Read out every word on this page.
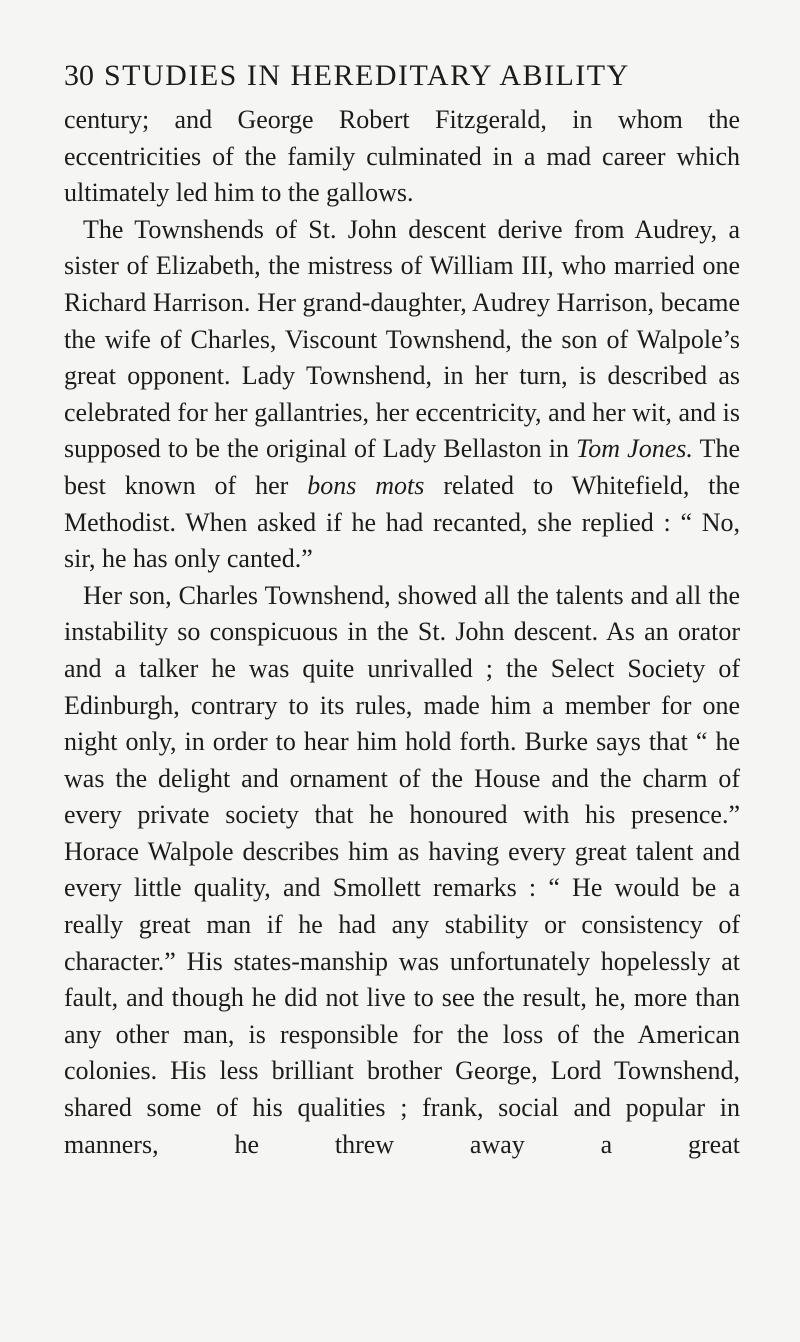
30 STUDIES IN HEREDITARY ABILITY

century; and George Robert Fitzgerald, in whom the eccentricities of the family culminated in a mad career which ultimately led him to the gallows.

The Townshends of St. John descent derive from Audrey, a sister of Elizabeth, the mistress of William III, who married one Richard Harrison. Her grand-daughter, Audrey Harrison, became the wife of Charles, Viscount Townshend, the son of Walpole’s great opponent. Lady Townshend, in her turn, is described as celebrated for her gallantries, her eccentricity, and her wit, and is supposed to be the original of Lady Bellaston in Tom Jones. The best known of her bons mots related to Whitefield, the Methodist. When asked if he had recanted, she replied : “ No, sir, he has only canted.”

Her son, Charles Townshend, showed all the talents and all the instability so conspicuous in the St. John descent. As an orator and a talker he was quite unrivalled ; the Select Society of Edinburgh, contrary to its rules, made him a member for one night only, in order to hear him hold forth. Burke says that “ he was the delight and ornament of the House and the charm of every private society that he honoured with his presence.” Horace Walpole describes him as having every great talent and every little quality, and Smollett remarks : “ He would be a really great man if he had any stability or consistency of character.” His states-manship was unfortunately hopelessly at fault, and though he did not live to see the result, he, more than any other man, is responsible for the loss of the American colonies. His less brilliant brother George, Lord Townshend, shared some of his qualities ; frank, social and popular in manners, he threw away a great
